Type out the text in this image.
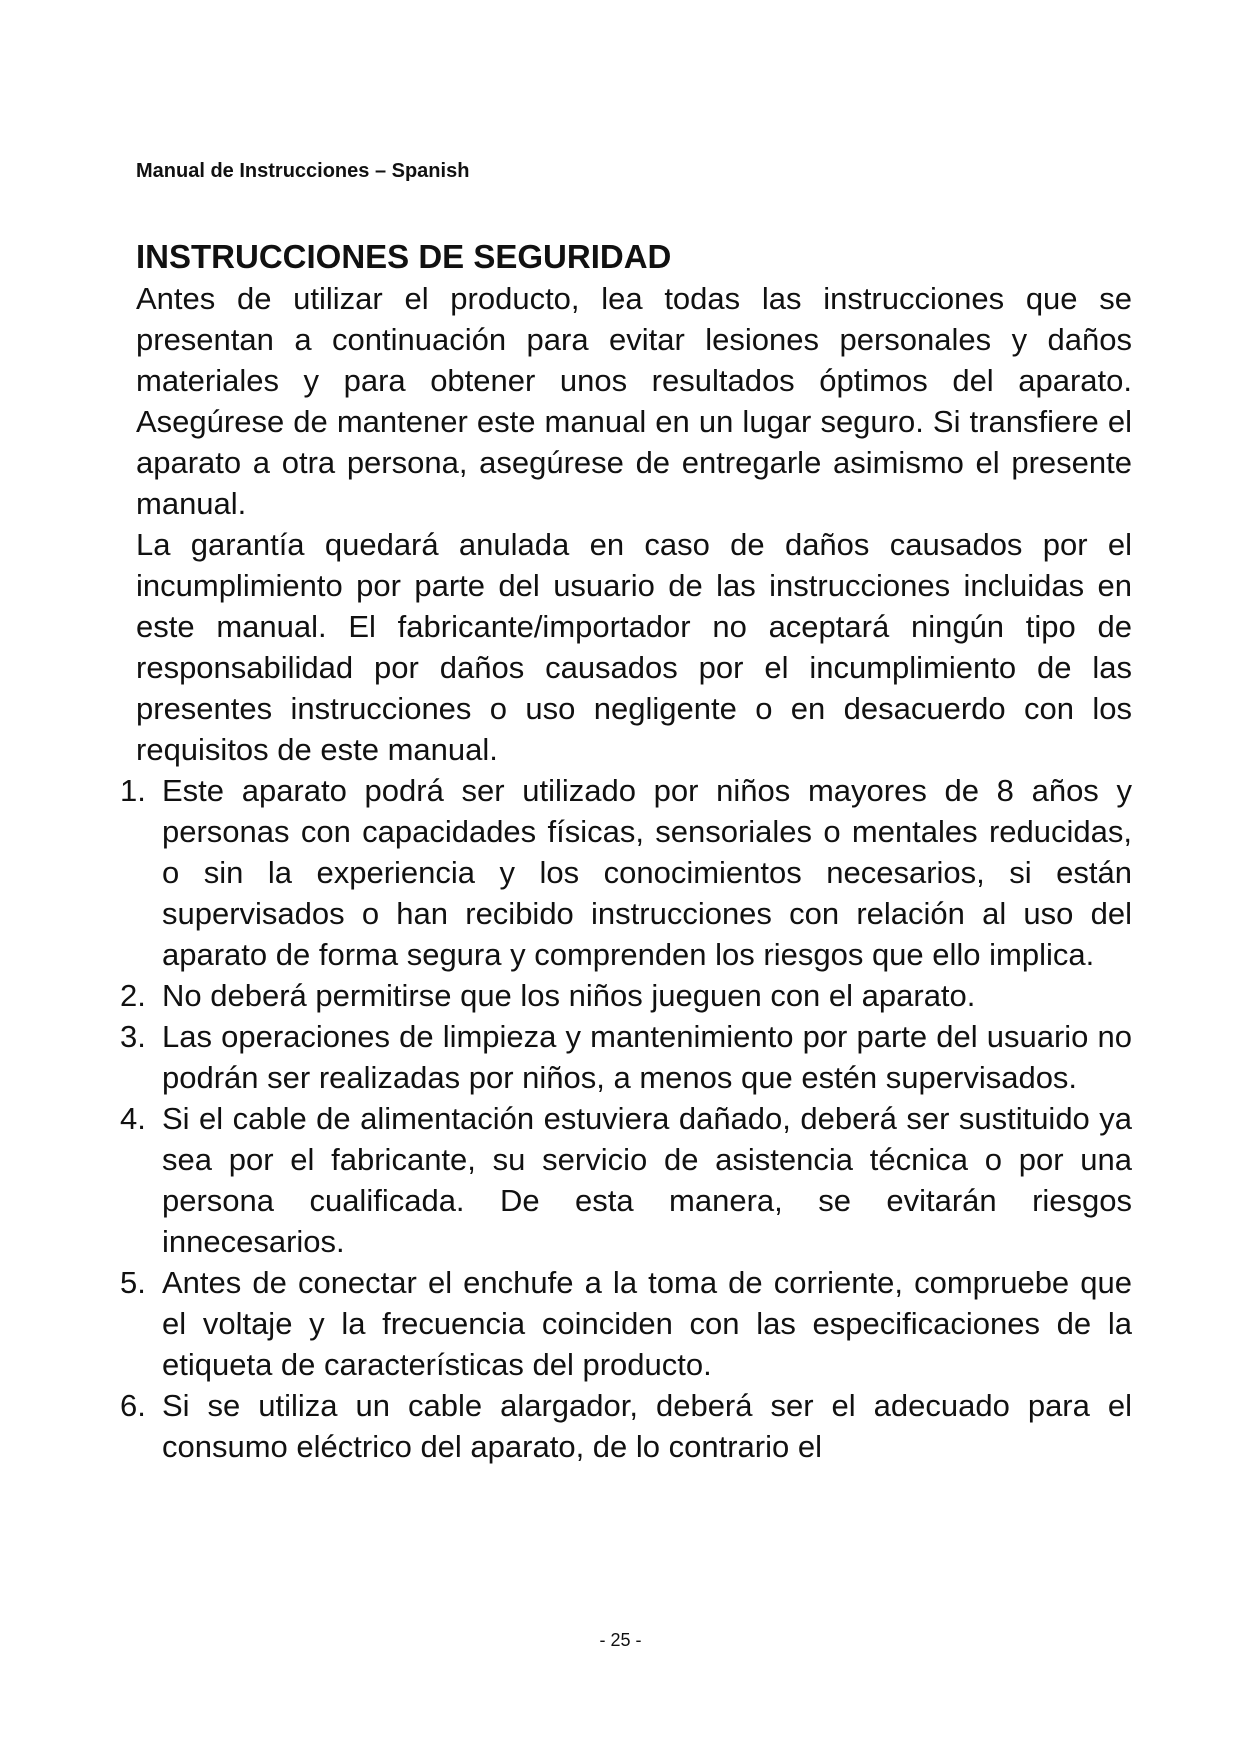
Manual de Instrucciones – Spanish
INSTRUCCIONES DE SEGURIDAD

Antes de utilizar el producto, lea todas las instrucciones que se presentan a continuación para evitar lesiones personales y daños materiales y para obtener unos resultados óptimos del aparato. Asegúrese de mantener este manual en un lugar seguro. Si transfiere el aparato a otra persona, asegúrese de entregarle asimismo el presente manual.

La garantía quedará anulada en caso de daños causados por el incumplimiento por parte del usuario de las instrucciones incluidas en este manual. El fabricante/importador no aceptará ningún tipo de responsabilidad por daños causados por el incumplimiento de las presentes instrucciones o uso negligente o en desacuerdo con los requisitos de este manual.

1. Este aparato podrá ser utilizado por niños mayores de 8 años y personas con capacidades físicas, sensoriales o mentales reducidas, o sin la experiencia y los conocimientos necesarios, si están supervisados o han recibido instrucciones con relación al uso del aparato de forma segura y comprenden los riesgos que ello implica.
2. No deberá permitirse que los niños jueguen con el aparato.
3. Las operaciones de limpieza y mantenimiento por parte del usuario no podrán ser realizadas por niños, a menos que estén supervisados.
4. Si el cable de alimentación estuviera dañado, deberá ser sustituido ya sea por el fabricante, su servicio de asistencia técnica o por una persona cualificada. De esta manera, se evitarán riesgos innecesarios.
5. Antes de conectar el enchufe a la toma de corriente, compruebe que el voltaje y la frecuencia coinciden con las especificaciones de la etiqueta de características del producto.
6. Si se utiliza un cable alargador, deberá ser el adecuado para el consumo eléctrico del aparato, de lo contrario el
- 25 -
